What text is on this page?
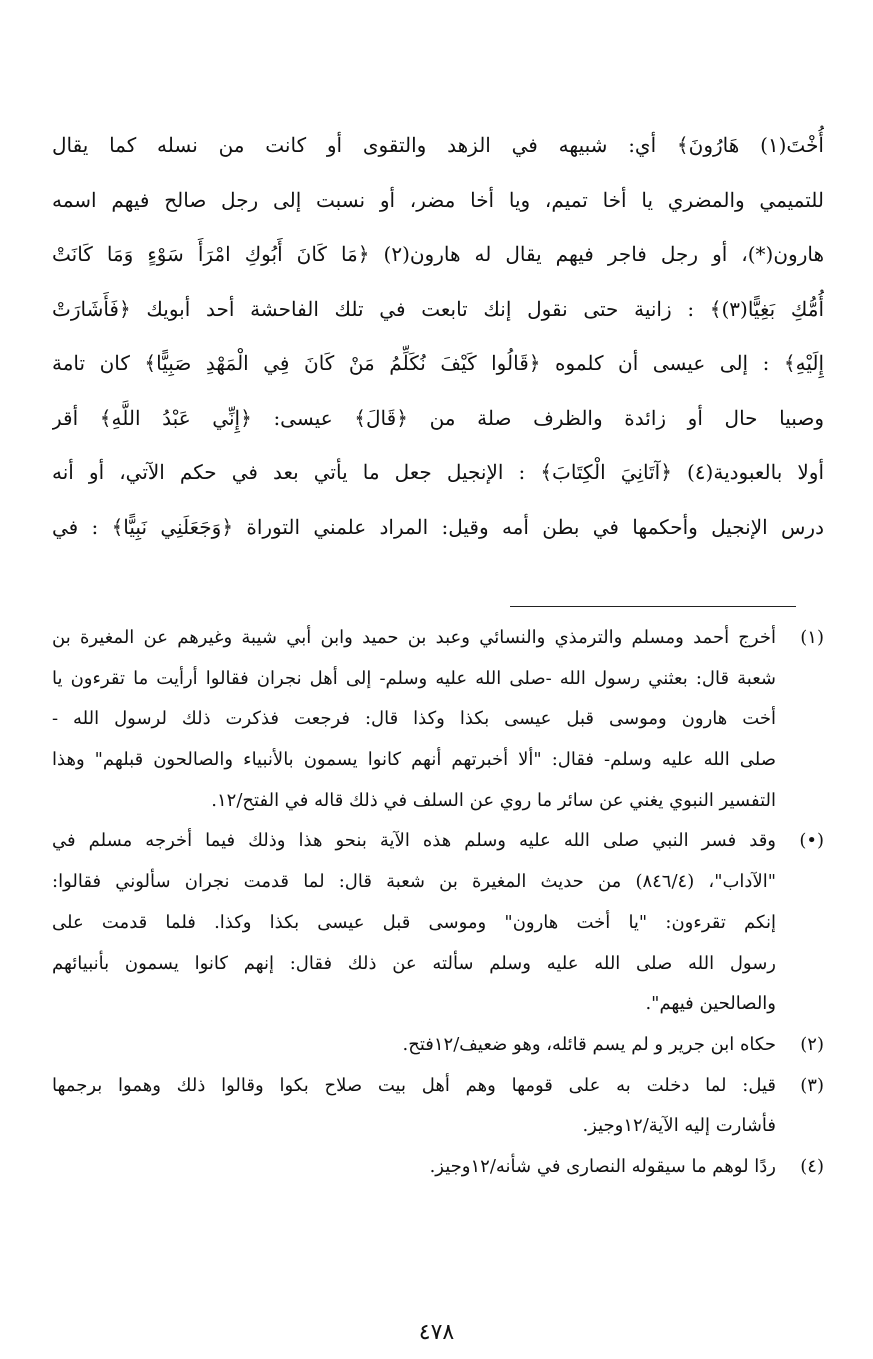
أُخْتَ(١) هَارُونَ﴾ أي: شبيهه في الزهد والتقوى أو كانت من نسله كما يقال
للتميمي والمضري يا أخا تميم، ويا أخا مضر، أو نسبت إلى رجل صالح فيهم اسمه
هارون(*)، أو رجل فاجر فيهم يقال له هارون(٢) ﴿مَا كَانَ أَبُوكِ امْرَأَ سَوْءٍ وَمَا كَانَتْ
أُمُّكِ بَغِيًّا(٣)﴾ : زانية حتى نقول إنك تابعت في تلك الفاحشة أحد أبويك ﴿فَأَشَارَتْ
إِلَيْهِ﴾ : إلى عيسى أن كلموه ﴿قَالُوا كَيْفَ نُكَلِّمُ مَنْ كَانَ فِي الْمَهْدِ صَبِيًّا﴾ كان تامة
وصبيا حال أو زائدة والظرف صلة من ﴿قَالَ﴾ عيسى: ﴿إِنِّي عَبْدُ اللَّهِ﴾ أقر
أولا بالعبودية(٤) ﴿آتَانِيَ الْكِتَابَ﴾ : الإنجيل جعل ما يأتي بعد في حكم الآتي، أو أنه
درس الإنجيل وأحكمها في بطن أمه وقيل: المراد علمني التوراة ﴿وَجَعَلَنِي نَبِيًّا﴾ : في
(١)
أخرج أحمد ومسلم والترمذي والنسائي وعبد بن حميد وابن أبي شيبة وغيرهم عن المغيرة بن
شعبة قال: بعثني رسول الله -صلى الله عليه وسلم- إلى أهل نجران فقالوا أرأيت ما تقرءون يا
أخت هارون وموسى قبل عيسى بكذا وكذا قال: فرجعت فذكرت ذلك لرسول الله -
صلى الله عليه وسلم- فقال: "ألا أخبرتهم أنهم كانوا يسمون بالأنبياء والصالحون قبلهم" وهذا
التفسير النبوي يغني عن سائر ما روي عن السلف في ذلك قاله في الفتح/١٢.
(•)
وقد فسر النبي صلى الله عليه وسلم هذه الآية بنحو هذا وذلك فيما أخرجه مسلم في
"الآداب"، (٨٤٦/٤) من حديث المغيرة بن شعبة قال: لما قدمت نجران سألوني فقالوا:
إنكم تقرءون: "يا أخت هارون" وموسى قبل عيسى بكذا وكذا. فلما قدمت على
رسول الله صلى الله عليه وسلم سألته عن ذلك فقال: إنهم كانوا يسمون بأنبيائهم
والصالحين فيهم".
(٢)
حكاه ابن جرير و لم يسم قائله، وهو ضعيف/١٢فتح.
(٣)
قيل: لما دخلت به على قومها وهم أهل بيت صلاح بكوا وقالوا ذلك وهموا برجمها
فأشارت إليه الآية/١٢وجيز.
(٤)
ردًا لوهم ما سيقوله النصارى في شأنه/١٢وجيز.
٤٧٨
